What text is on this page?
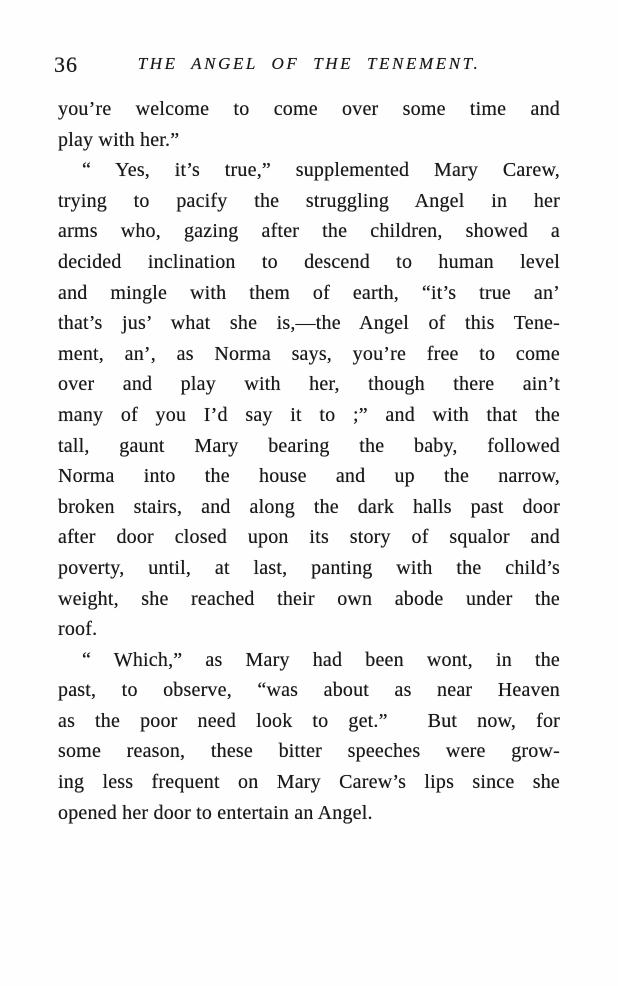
36	THE ANGEL OF THE TENEMENT.
you’re welcome to come over some time and
play with her.”
“ Yes, it’s true,” supplemented Mary Carew,
trying to pacify the struggling Angel in her
arms who, gazing after the children, showed a
decided inclination to descend to human level
and mingle with them of earth, “it’s true an’
that’s jus’ what she is,—the Angel of this Tene-
ment, an’, as Norma says, you’re free to come
over and play with her, though there ain’t
many of you I’d say it to ;” and with that the
tall, gaunt Mary bearing the baby, followed
Norma into the house and up the narrow,
broken stairs, and along the dark halls past door
after door closed upon its story of squalor and
poverty, until, at last, panting with the child’s
weight, she reached their own abode under the
roof.
“ Which,” as Mary had been wont, in the
past, to observe, “was about as near Heaven
as the poor need look to get.”  But now, for
some reason, these bitter speeches were grow-
ing less frequent on Mary Carew’s lips since she
opened her door to entertain an Angel.
